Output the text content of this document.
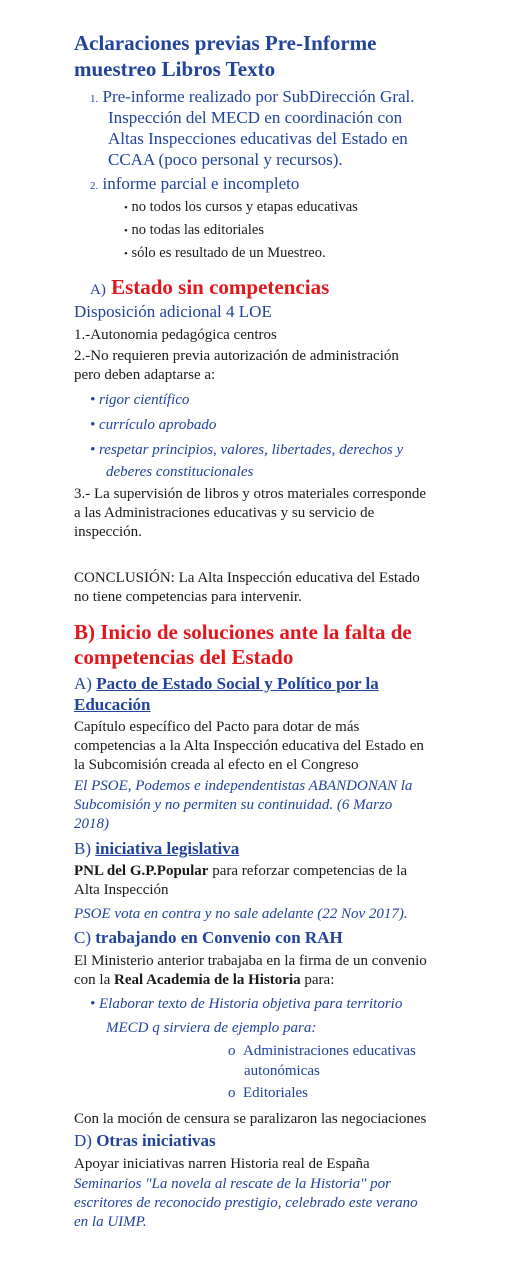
Aclaraciones previas Pre-Informe
muestreo Libros Texto
1. Pre-informe realizado por SubDirección Gral.
Inspección del MECD en coordinación con
Altas Inspecciones educativas del Estado en
CCAA (poco personal y recursos).
2. informe parcial e incompleto
• no todos los cursos y etapas educativas
• no todas las editoriales
• sólo es resultado de un Muestreo.
A) Estado sin competencias
Disposición adicional 4 LOE
1.-Autonomia pedagógica centros
2.-No requieren previa autorización de administración
pero deben adaptarse a:
• rigor científico
• currículo aprobado
• respetar principios, valores, libertades, derechos y
deberes constitucionales
3.- La supervisión de libros y otros materiales corresponde
a las Administraciones educativas y su servicio de
inspección.
CONCLUSIÓN: La Alta Inspección educativa del Estado
no tiene competencias para intervenir.
B) Inicio de soluciones ante la falta de
competencias del Estado
A) Pacto de Estado Social y Político por la
Educación
Capítulo específico del Pacto para dotar de más
competencias a la Alta Inspección educativa del Estado en
la Subcomisión creada al efecto en el Congreso
El PSOE, Podemos e independentistas ABANDONAN la
Subcomisión y no permiten su continuidad. (6 Marzo
2018)
B) iniciativa legislativa
PNL del G.P.Popular para reforzar competencias de la
Alta Inspección
PSOE vota en contra y no sale adelante (22 Nov 2017).
C) trabajando en Convenio con RAH
El Ministerio anterior trabajaba en la firma de un convenio
con la Real Academia de la Historia para:
• Elaborar texto de Historia objetiva para territorio
MECD q sirviera de ejemplo para:
o Administraciones educativas
autonómicas
o Editoriales
Con la moción de censura se paralizaron las negociaciones
D) Otras iniciativas
Apoyar iniciativas narren Historia real de España
Seminarios "La novela al rescate de la Historia" por
escritores de reconocido prestigio, celebrado este verano
en la UIMP.
